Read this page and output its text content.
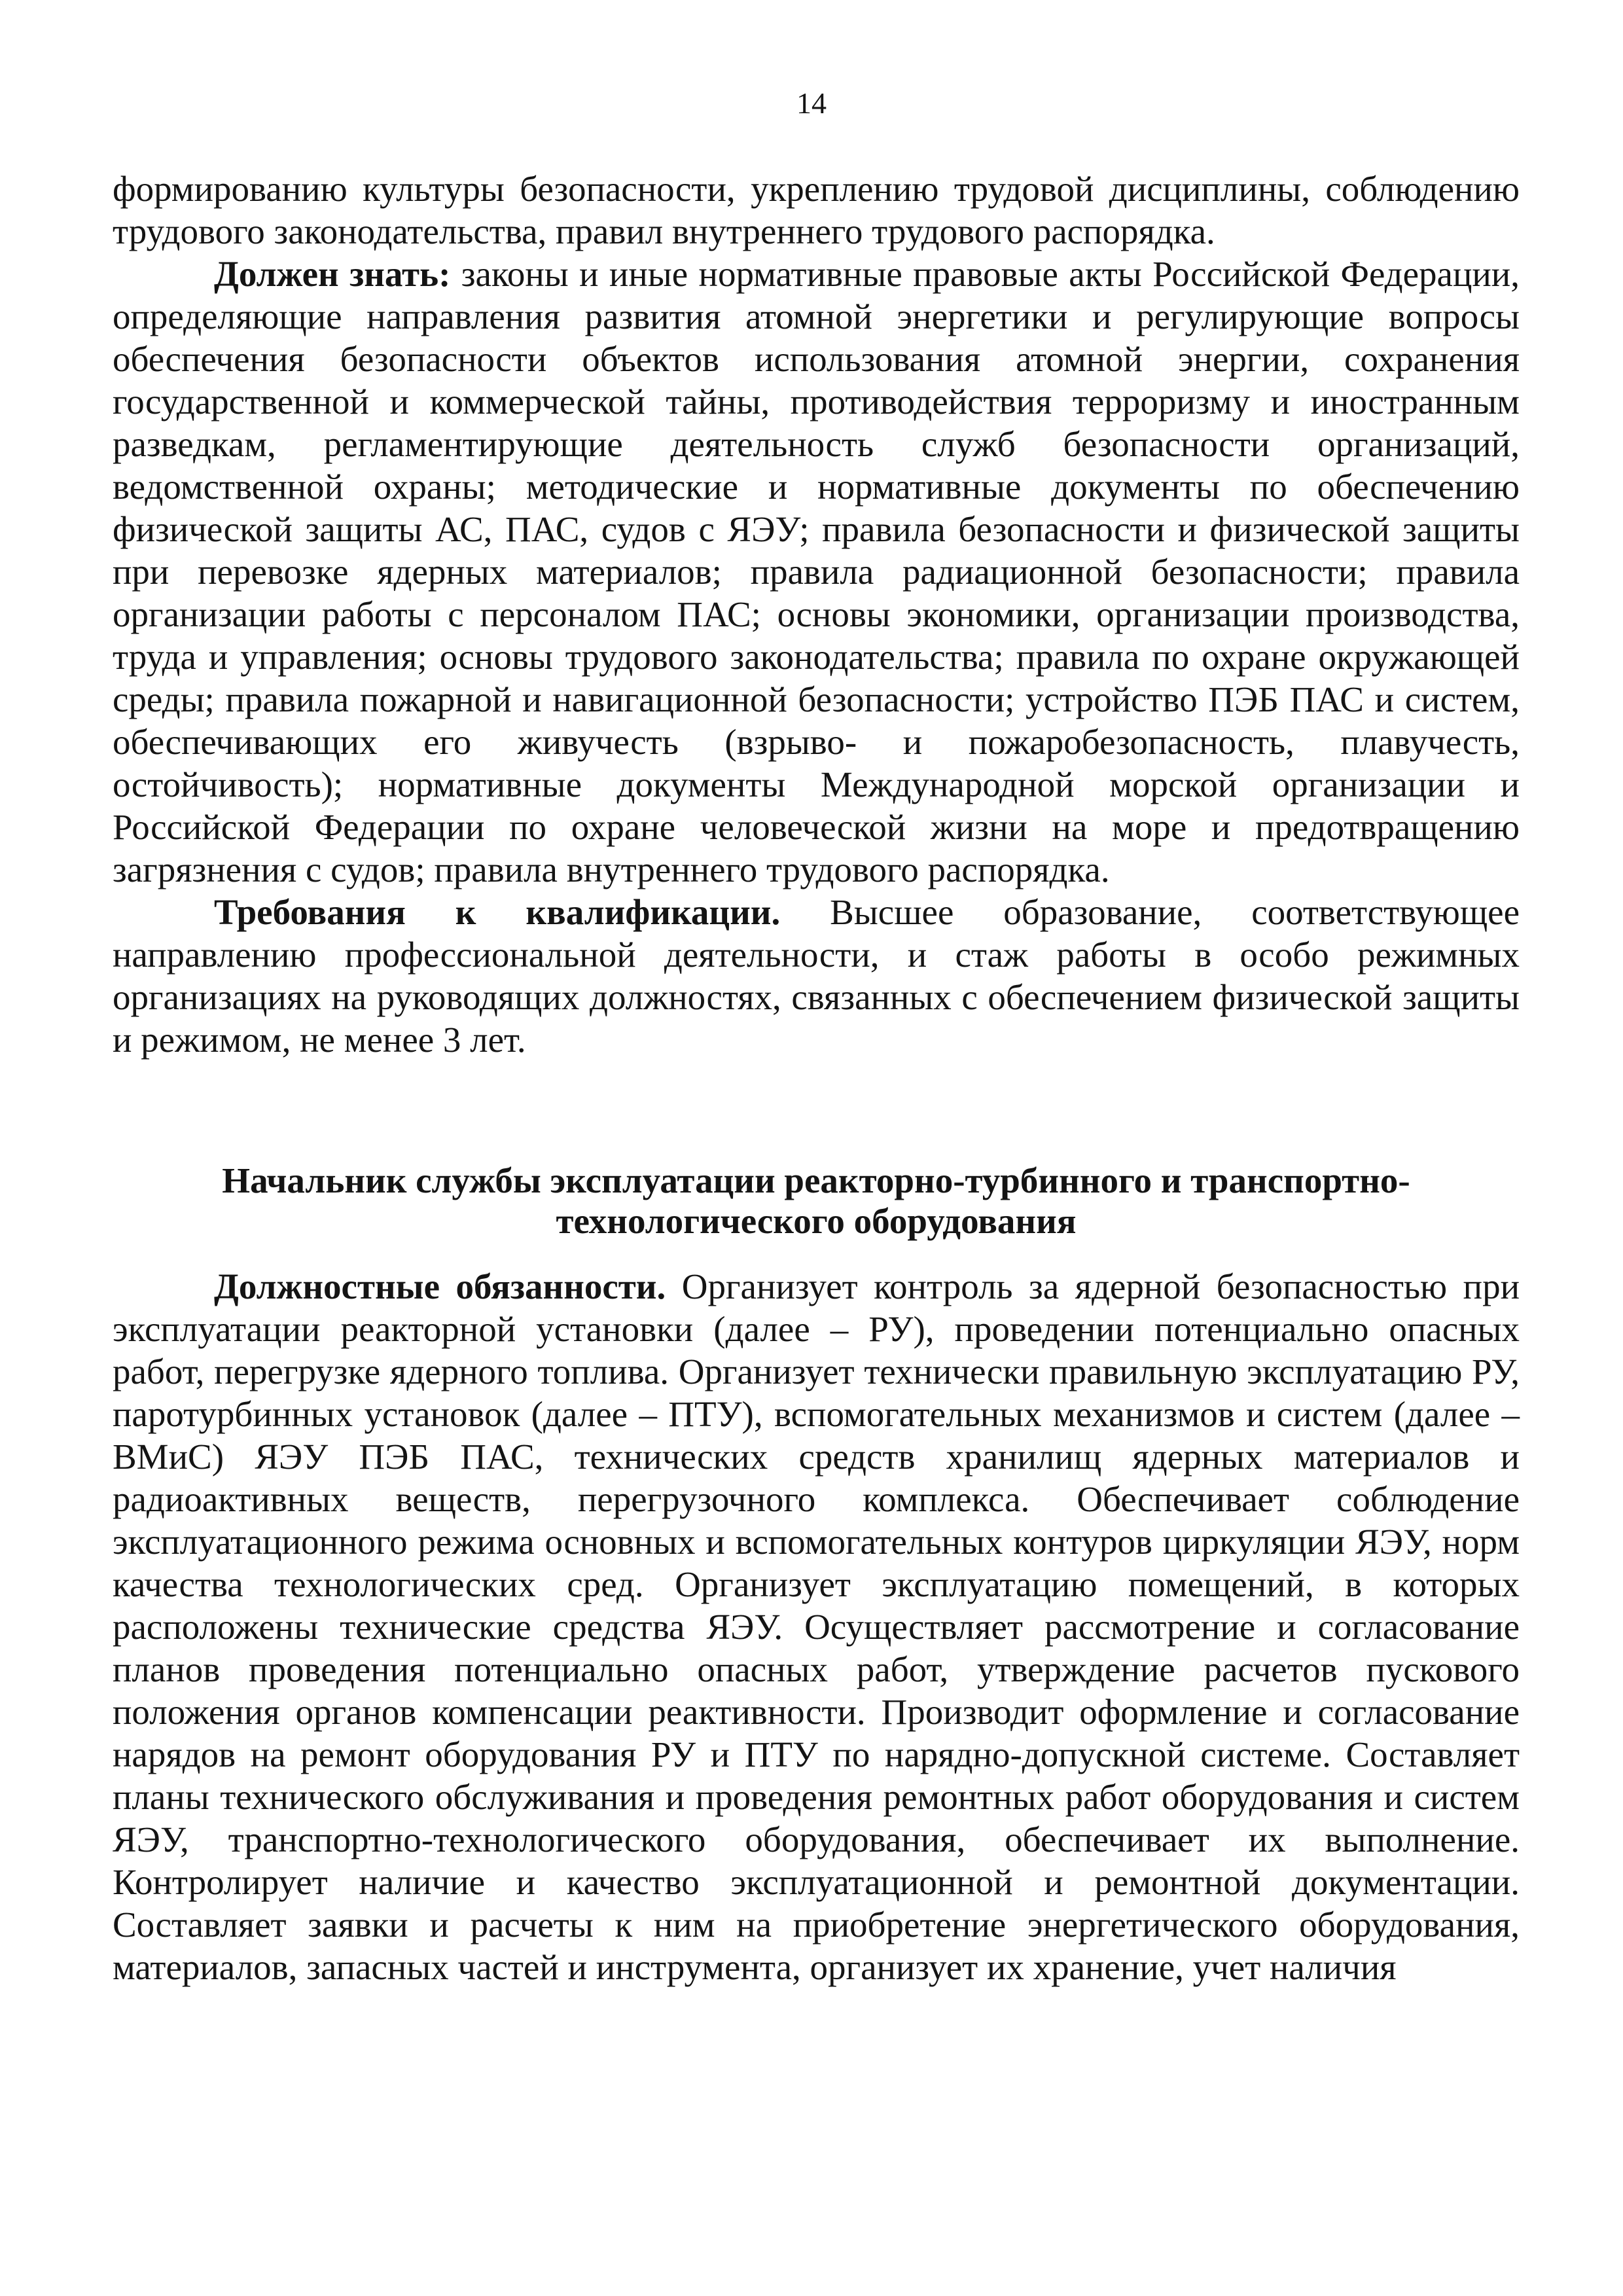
14

формированию культуры безопасности, укреплению трудовой дисциплины, соблюдению трудового законодательства, правил внутреннего трудового распорядка.

Должен знать: законы и иные нормативные правовые акты Российской Федерации, определяющие направления развития атомной энергетики и регулирующие вопросы обеспечения безопасности объектов использования атомной энергии, сохранения государственной и коммерческой тайны, противодействия терроризму и иностранным разведкам, регламентирующие деятельность служб безопасности организаций, ведомственной охраны; методические и нормативные документы по обеспечению физической защиты АС, ПАС, судов с ЯЭУ; правила безопасности и физической защиты при перевозке ядерных материалов; правила радиационной безопасности; правила организации работы с персоналом ПАС; основы экономики, организации производства, труда и управления; основы трудового законодательства; правила по охране окружающей среды; правила пожарной и навигационной безопасности; устройство ПЭБ ПАС и систем, обеспечивающих его живучесть (взрыво- и пожаробезопасность, плавучесть, остойчивость); нормативные документы Международной морской организации и Российской Федерации по охране человеческой жизни на море и предотвращению загрязнения с судов; правила внутреннего трудового распорядка.

Требования к квалификации. Высшее образование, соответствующее направлению профессиональной деятельности, и стаж работы в особо режимных организациях на руководящих должностях, связанных с обеспечением физической защиты и режимом, не менее 3 лет.

Начальник службы эксплуатации реакторно-турбинного и транспортно-
технологического оборудования

Должностные обязанности. Организует контроль за ядерной безопасностью при эксплуатации реакторной установки (далее – РУ), проведении потенциально опасных работ, перегрузке ядерного топлива. Организует технически правильную эксплуатацию РУ, паротурбинных установок (далее – ПТУ), вспомогательных механизмов и систем (далее – ВМиС) ЯЭУ ПЭБ ПАС, технических средств хранилищ ядерных материалов и радиоактивных веществ, перегрузочного комплекса. Обеспечивает соблюдение эксплуатационного режима основных и вспомогательных контуров циркуляции ЯЭУ, норм качества технологических сред. Организует эксплуатацию помещений, в которых расположены технические средства ЯЭУ. Осуществляет рассмотрение и согласование планов проведения потенциально опасных работ, утверждение расчетов пускового положения органов компенсации реактивности. Производит оформление и согласование нарядов на ремонт оборудования РУ и ПТУ по нарядно-допускной системе. Составляет планы технического обслуживания и проведения ремонтных работ оборудования и систем ЯЭУ, транспортно-технологического оборудования, обеспечивает их выполнение. Контролирует наличие и качество эксплуатационной и ремонтной документации. Составляет заявки и расчеты к ним на приобретение энергетического оборудования, материалов, запасных частей и инструмента, организует их хранение, учет наличия
